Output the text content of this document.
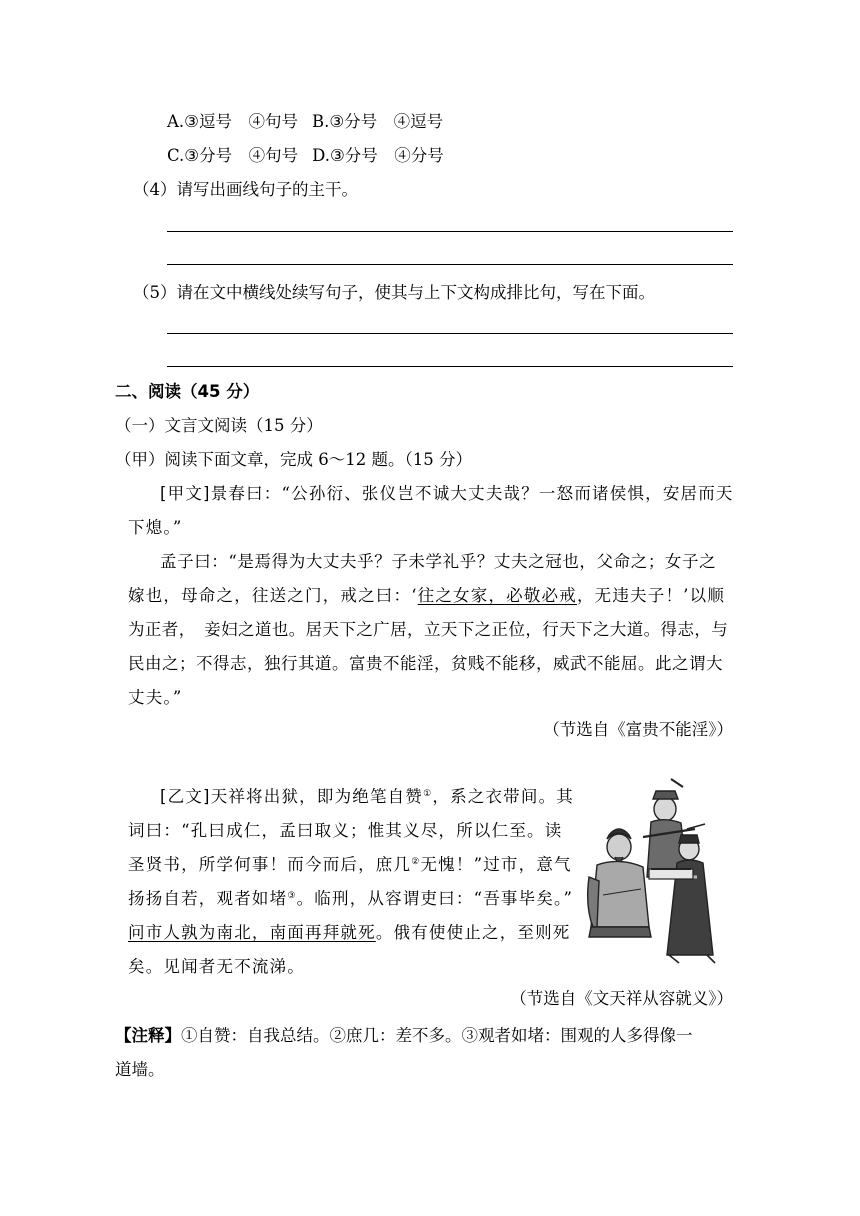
A.③逗号　④句号 B.③分号　④逗号
C.③分号　④句号 D.③分号　④分号
（4）请写出画线句子的主干。
（5）请在文中横线处续写句子，使其与上下文构成排比句，写在下面。
二、阅读（45 分）
（一）文言文阅读（15 分）
（甲）阅读下面文章，完成 6～12 题。（15 分）
[甲文]景春曰：“公孙衍、张仪岂不诚大丈夫哉？一怒而诸侯惧，安居而天
下熄。”
孟子曰：“是焉得为大丈夫乎？子未学礼乎？丈夫之冠也，父命之；女子之
嫁也，母命之，往送之门，戒之曰：‘往之女家，必敬必戒，无违夫子！’以顺
为正者，　妾妇之道也。居天下之广居，立天下之正位，行天下之大道。得志，与
民由之；不得志，独行其道。富贵不能淫，贫贱不能移，威武不能屈。此之谓大
丈夫。”
（节选自《富贵不能淫》）
[乙文]天祥将出狱，即为绝笔自赞①，系之衣带间。其
词曰：“孔曰成仁，孟曰取义；惟其义尽，所以仁至。读
圣贤书，所学何事！而今而后，庶几②无愧！”过市，意气
扬扬自若，观者如堵③。临刑，从容谓吏曰：“吾事毕矣。”
问市人孰为南北，南面再拜就死。俄有使使止之，至则死
矣。见闻者无不流涕。
（节选自《文天祥从容就义》）
【注释】①自赞：自我总结。②庶几：差不多。③观者如堵：围观的人多得像一
道墙。
